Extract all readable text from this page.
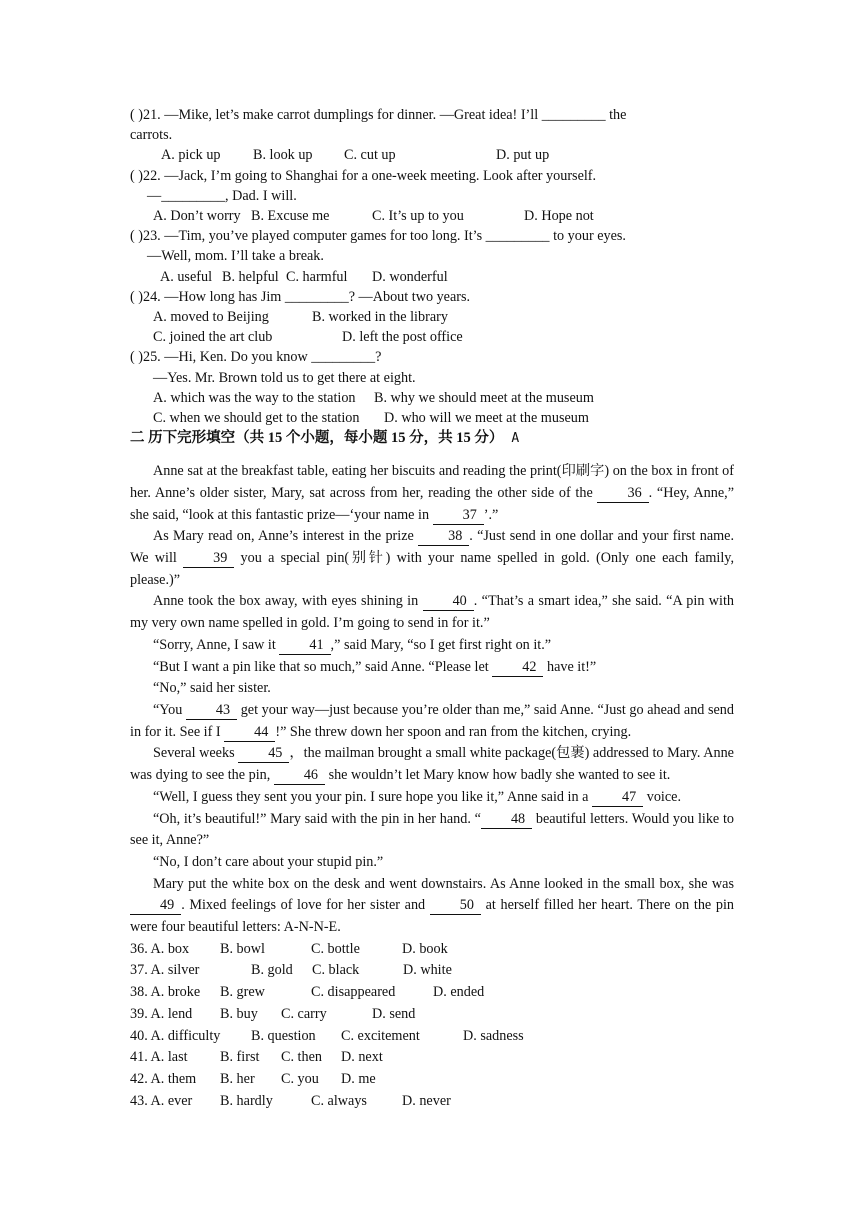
( )21. —Mike, let’s make carrot dumplings for dinner. —Great idea! I’ll _________ the
carrots.
A. pick up B. look up C. cut up	D. put up
( )22. —Jack, I’m going to Shanghai for a one-week meeting. Look after yourself.
—_________, Dad. I will.
A. Don’t worry B. Excuse me	C. It’s up to you	D. Hope not
( )23. —Tim, you’ve played computer games for too long. It’s _________ to your eyes.
—Well, mom. I’ll take a break.
A. useful B. helpful C. harmful D. wonderful
( )24. —How long has Jim _________? —About two years.
A. moved to Beijing	B. worked in the library
C. joined the art club	D. left the post office
( )25. —Hi, Ken. Do you know _________?
—Yes. Mr. Brown told us to get there at eight.
A. which was the way to the station B. why we should meet at the museum
C. when we should get to the station D. who will we meet at the museum
二 历下完形填空（共 15 个小题，每小题 15 分，共 15 分） A

Anne sat at the breakfast table, eating her biscuits and reading the print(印刷字) on the box in front of her. Anne’s older sister, Mary, sat across from her, reading the other side of the 36 . “Hey, Anne,” she said, “look at this fantastic prize—‘your name in 37 ’.”

As Mary read on, Anne’s interest in the prize 38 . “Just send in one dollar and your first name. We will 39 you a special pin(别针) with your name spelled in gold. (Only one each family, please.)”

Anne took the box away, with eyes shining in 40 . “That’s a smart idea,” she said. “A pin with my very own name spelled in gold. I’m going to send in for it.”

“Sorry, Anne, I saw it 41 ,” said Mary, “so I get first right on it.”

“But I want a pin like that so much,” said Anne. “Please let 42 have it!”

“No,” said her sister.

“You 43 get your way—just because you’re older than me,” said Anne. “Just go ahead and send in for it. See if I 44 !” She threw down her spoon and ran from the kitchen, crying.

Several weeks 45 ，the mailman brought a small white package(包裹) addressed to Mary. Anne was dying to see the pin, 46 she wouldn’t let Mary know how badly she wanted to see it.

“Well, I guess they sent you your pin. I sure hope you like it,” Anne said in a 47 voice.

“Oh, it’s beautiful!” Mary said with the pin in her hand. “ 48 beautiful letters. Would you like to see it, Anne?”

“No, I don’t care about your stupid pin.”

Mary put the white box on the desk and went downstairs. As Anne looked in the small box, she was 49 . Mixed feelings of love for her sister and 50 at herself filled her heart. There on the pin were four beautiful letters: A-N-N-E.

36. A. box B. bowl	C. bottle	D. book
37. A. silver	B. gold C. black	D. white
38. A. broke B. grew	C. disappeared	D. ended
39. A. lend B. buy C. carry	D. send
40. A. difficulty B. question C. excitement	D. sadness
41. A. last B. first C. then D. next
42. A. them B. her C. you D. me
43. A. ever B. hardly	C. always D. never
